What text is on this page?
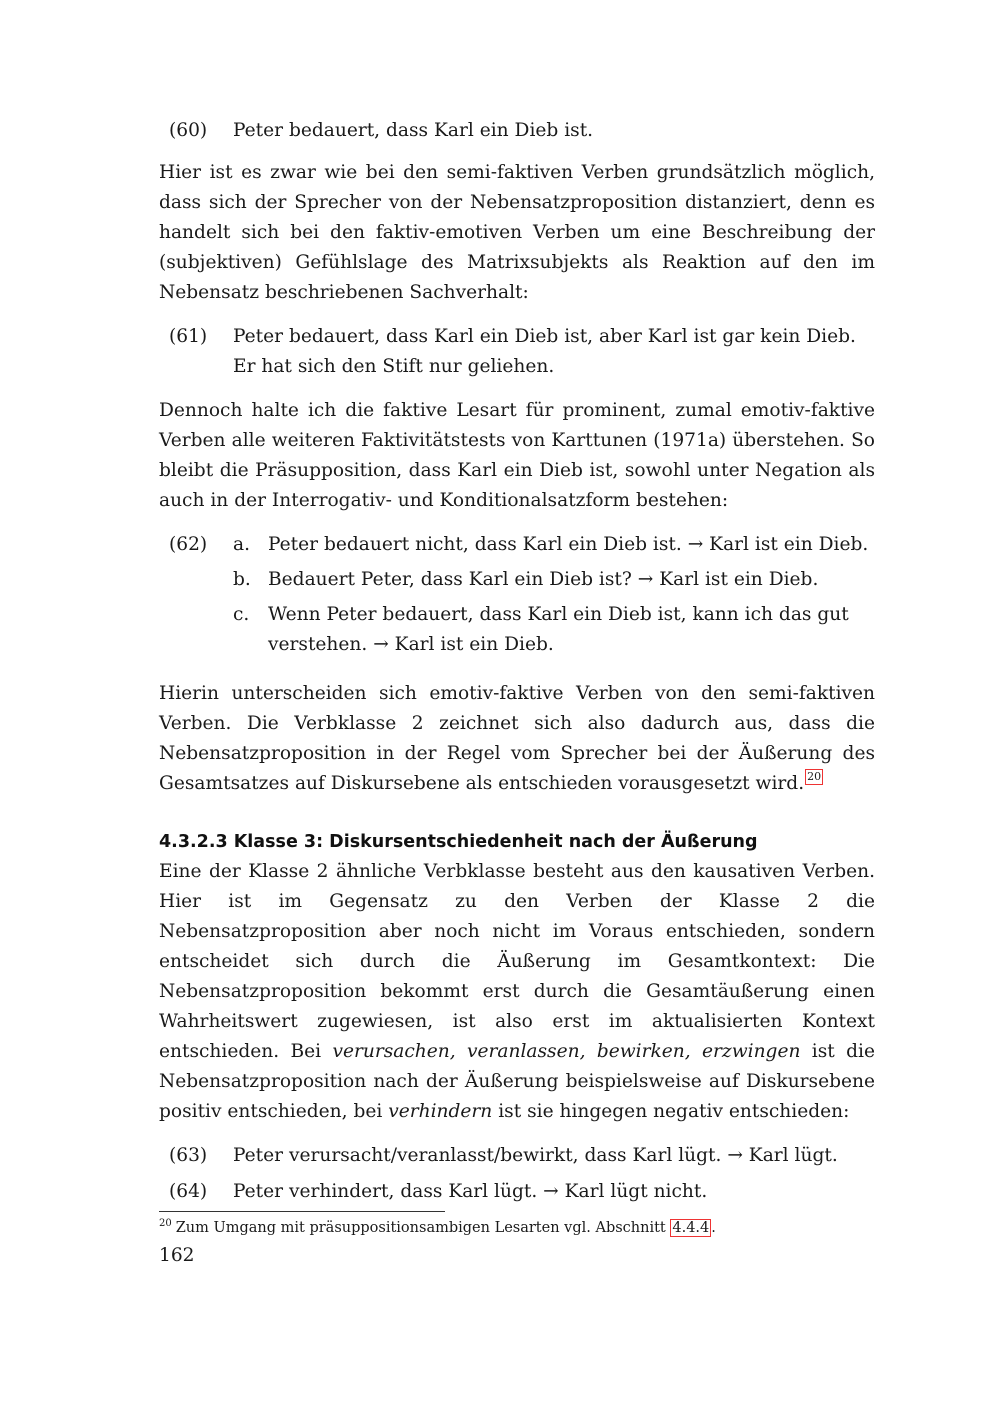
(60)	Peter bedauert, dass Karl ein Dieb ist.

Hier ist es zwar wie bei den semi-faktiven Verben grundsätzlich möglich, dass sich der Sprecher von der Nebensatzproposition distanziert, denn es handelt sich bei den faktiv-emotiven Verben um eine Beschreibung der (subjektiven) Gefühlslage des Matrixsubjekts als Reaktion auf den im Nebensatz beschriebenen Sachverhalt:

(61)	Peter bedauert, dass Karl ein Dieb ist, aber Karl ist gar kein Dieb. Er hat sich den Stift nur geliehen.

Dennoch halte ich die faktive Lesart für prominent, zumal emotiv-faktive Verben alle weiteren Faktivitätstests von Karttunen (1971a) überstehen. So bleibt die Präsupposition, dass Karl ein Dieb ist, sowohl unter Negation als auch in der Interrogativ- und Konditionalsatzform bestehen:

(62)	a. Peter bedauert nicht, dass Karl ein Dieb ist. → Karl ist ein Dieb.
b. Bedauert Peter, dass Karl ein Dieb ist? → Karl ist ein Dieb.
c.	Wenn Peter bedauert, dass Karl ein Dieb ist, kann ich das gut verstehen. → Karl ist ein Dieb.

Hierin unterscheiden sich emotiv-faktive Verben von den semi-faktiven Verben. Die Verbklasse 2 zeichnet sich also dadurch aus, dass die Nebensatzproposition in der Regel vom Sprecher bei der Äußerung des Gesamtsatzes auf Diskursebene als entschieden vorausgesetzt wird. 20

4.3.2.3 Klasse 3: Diskursentschiedenheit nach der Äußerung

Eine der Klasse 2 ähnliche Verbklasse besteht aus den kausativen Verben. Hier ist im Gegensatz zu den Verben der Klasse 2 die Nebensatzproposition aber noch nicht im Voraus entschieden, sondern entscheidet sich durch die Äußerung im Gesamtkontext: Die Nebensatzproposition bekommt erst durch die Gesamtäußerung einen Wahrheitswert zugewiesen, ist also erst im aktualisierten Kontext entschieden. Bei verursachen, veranlassen, bewirken, erzwingen ist die Nebensatzproposition nach der Äußerung beispielsweise auf Diskursebene positiv entschieden, bei verhindern ist sie hingegen negativ entschieden:

(63)	Peter verursacht/veranlasst/bewirkt, dass Karl lügt. → Karl lügt.
(64)	Peter verhindert, dass Karl lügt. → Karl lügt nicht.
$^{20}$ Zum Umgang mit präsuppositionsambigen Lesarten vgl. Abschnitt 4.4.4 .
162
